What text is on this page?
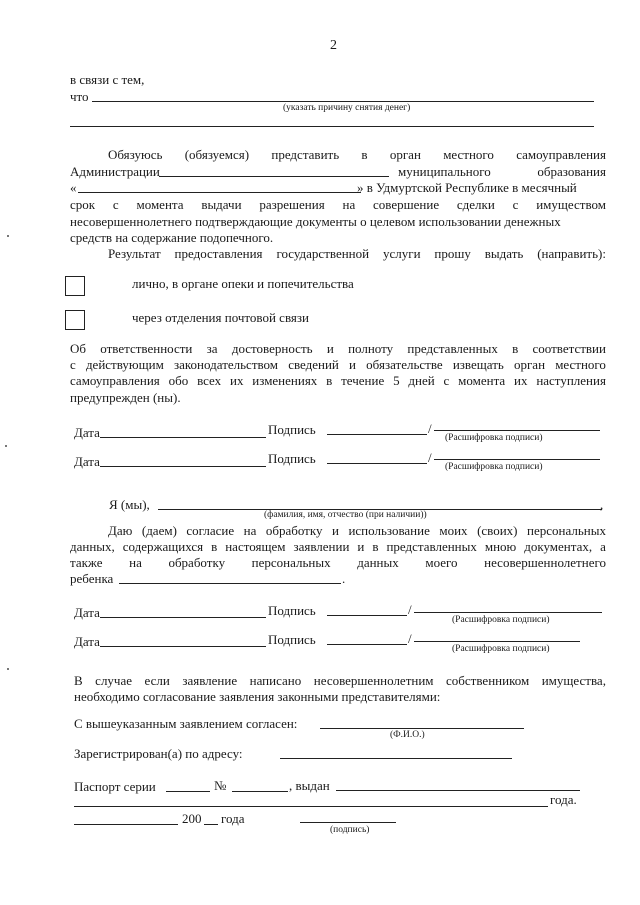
2
в связи с тем,
что
(указать причину снятия денег)
Обязуюсь (обязуемся) представить в орган местного самоуправления
Администрации	муниципального	образования
«	» в Удмуртской Республике в месячный
срок с момента выдачи разрешения на совершение сделки с имуществом
несовершеннолетнего подтверждающие документы о целевом использовании денежных
средств на содержание подопечного.
Результат предоставления государственной услуги прошу выдать (направить):
лично, в органе опеки и попечительства
через отделения почтовой связи
Об ответственности за достоверность и полноту представленных в соответствии
с действующим законодательством сведений и обязательстве извещать орган местного
самоуправления обо всех их изменениях в течение 5 дней с момента их наступления
предупрежден (ны).
Дата	Подпись	/
(Расшифровка подписи)
Дата	Подпись	/
(Расшифровка подписи)
Я (мы),	,
(фамилия, имя, отчество (при наличии))
Даю (даем) согласие на обработку и использование моих (своих) персональных
данных, содержащихся в настоящем заявлении и в представленных мною документах, а
также на обработку персональных данных моего несовершеннолетнего
ребенка	.
Дата	Подпись	/
(Расшифровка подписи)
Дата	Подпись	/
(Расшифровка подписи)
В случае если заявление написано несовершеннолетним собственником имущества,
необходимо согласование заявления законными представителями:
С вышеуказанным заявлением согласен:
(Ф.И.О.)
Зарегистрирован(а) по адресу:
Паспорт серии	№	, выдан
года.
200 года
(подпись)
